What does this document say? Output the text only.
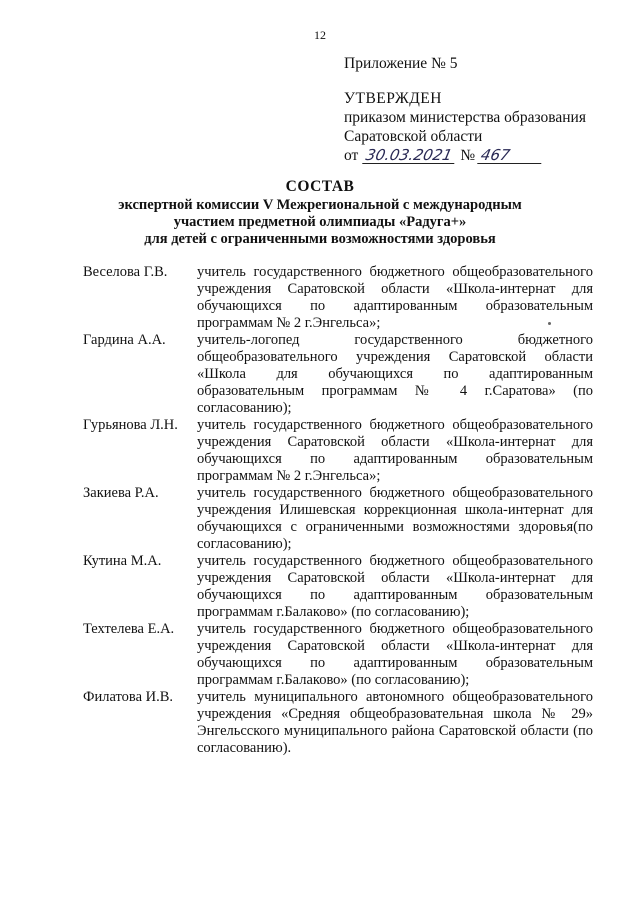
12
Приложение № 5
УТВЕРЖДЕН
приказом министерства образования
Саратовской области
от 30.03.2021 № 467
СОСТАВ
экспертной комиссии V Межрегиональной с международным
участием предметной олимпиады «Радуга+»
для детей с ограниченными возможностями здоровья
Веселова Г.В.	учитель государственного бюджетного общеобразовательного учреждения Саратовской области «Школа-интернат для обучающихся по адаптированным образовательным программам № 2 г.Энгельса»;
Гардина А.А.	учитель-логопед государственного бюджетного общеобразовательного учреждения Саратовской области «Школа для обучающихся по адаптированным образовательным программам № 4 г.Саратова» (по согласованию);
Гурьянова Л.Н.	учитель государственного бюджетного общеобразовательного учреждения Саратовской области «Школа-интернат для обучающихся по адаптированным образовательным программам № 2 г.Энгельса»;
Закиева Р.А.	учитель государственного бюджетного общеобразовательного учреждения Илишевская коррекционная школа-интернат для обучающихся с ограниченными возможностями здоровья(по согласованию);
Кутина М.А.	учитель государственного бюджетного общеобразовательного учреждения Саратовской области «Школа-интернат для обучающихся по адаптированным образовательным программам г.Балаково» (по согласованию);
Техтелева Е.А.	учитель государственного бюджетного общеобразовательного учреждения Саратовской области «Школа-интернат для обучающихся по адаптированным образовательным программам г.Балаково» (по согласованию);
Филатова И.В.	учитель муниципального автономного общеобразовательного учреждения «Средняя общеобразовательная школа № 29» Энгельсского муниципального района Саратовской области (по согласованию).
